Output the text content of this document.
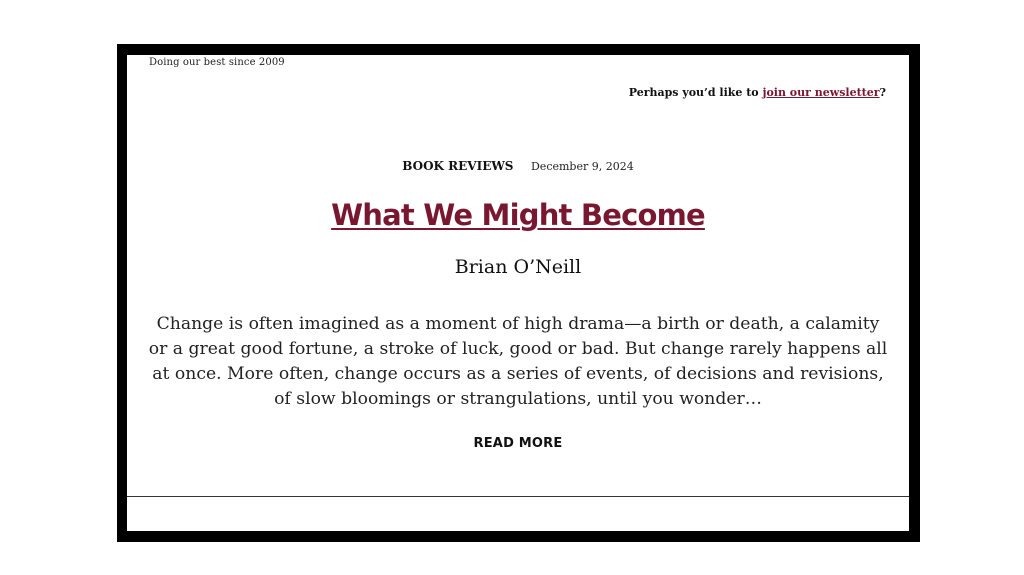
Doing our best since 2009
Perhaps you’d like to join our newsletter?
BOOK REVIEWS December 9, 2024
What We Might Become
Brian O’Neill

Change is often imagined as a moment of high drama—a birth or death, a calamity or a great good fortune, a stroke of luck, good or bad. But change rarely happens all at once. More often, change occurs as a series of events, of decisions and revisions, of slow bloomings or strangulations, until you wonder…

READ MORE
